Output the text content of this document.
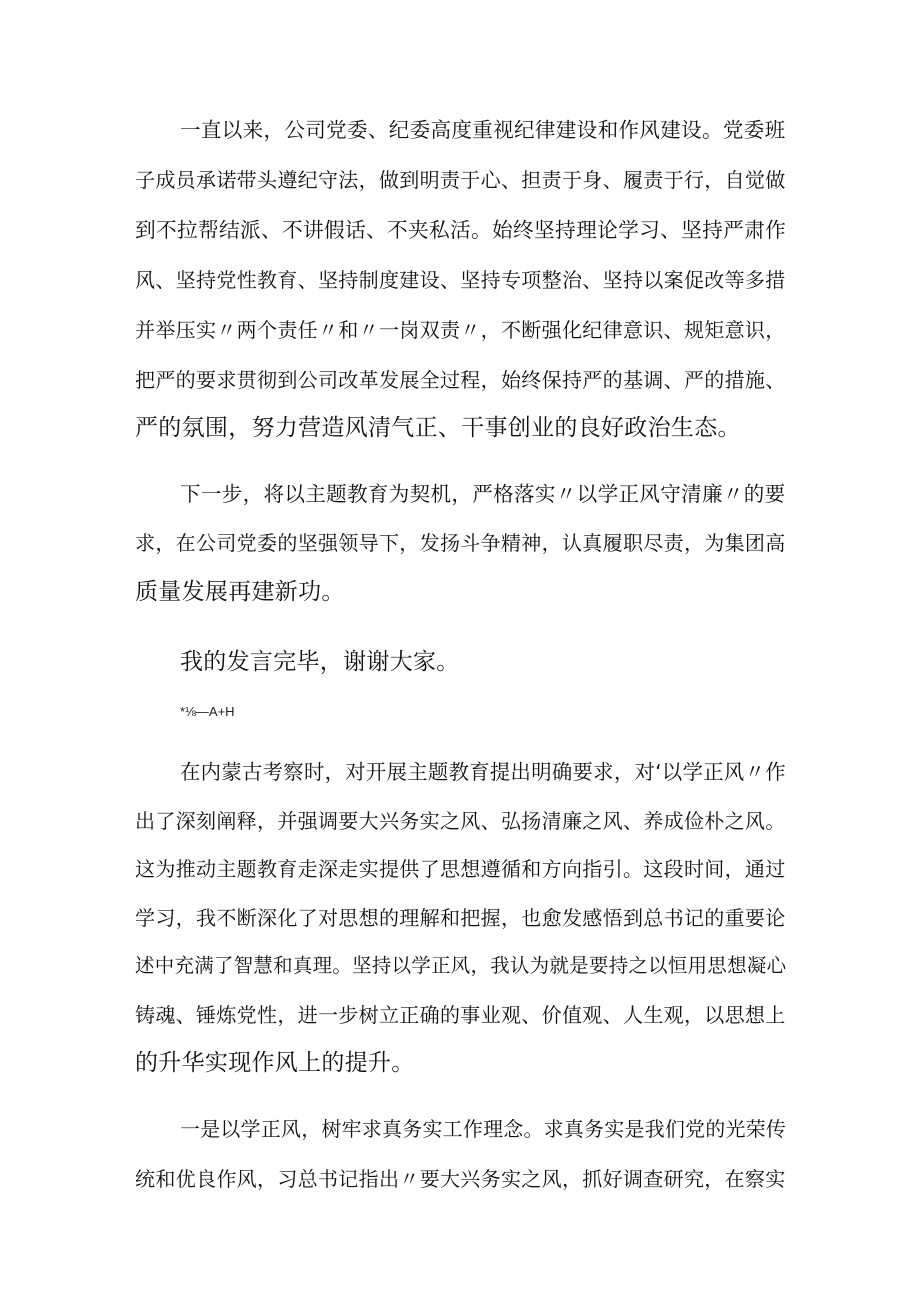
一直以来，公司党委、纪委高度重视纪律建设和作风建设。党委班
子成员承诺带头遵纪守法，做到明责于心、担责于身、履责于行，自觉做
到不拉帮结派、不讲假话、不夹私活。始终坚持理论学习、坚持严肃作
风、坚持党性教育、坚持制度建设、坚持专项整治、坚持以案促改等多措
并举压实〃两个责任〃和〃一岗双责〃，不断强化纪律意识、规矩意识，
把严的要求贯彻到公司改革发展全过程，始终保持严的基调、严的措施、
严的氛围，努力营造风清气正、干事创业的良好政治生态。
下一步，将以主题教育为契机，严格落实〃以学正风守清廉〃的要
求，在公司党委的坚强领导下，发扬斗争精神，认真履职尽责，为集团高
质量发展再建新功。
我的发言完毕，谢谢大家。
*⅛—A+H
在内蒙古考察时，对开展主题教育提出明确要求，对‘以学正风〃作
出了深刻阐释，并强调要大兴务实之风、弘扬清廉之风、养成俭朴之风。
这为推动主题教育走深走实提供了思想遵循和方向指引。这段时间，通过
学习，我不断深化了对思想的理解和把握，也愈发感悟到总书记的重要论
述中充满了智慧和真理。坚持以学正风，我认为就是要持之以恒用思想凝心
铸魂、锤炼党性，进一步树立正确的事业观、价值观、人生观，以思想上
的升华实现作风上的提升。
一是以学正风，树牢求真务实工作理念。求真务实是我们党的光荣传
统和优良作风，习总书记指出〃要大兴务实之风，抓好调查研究，在察实
